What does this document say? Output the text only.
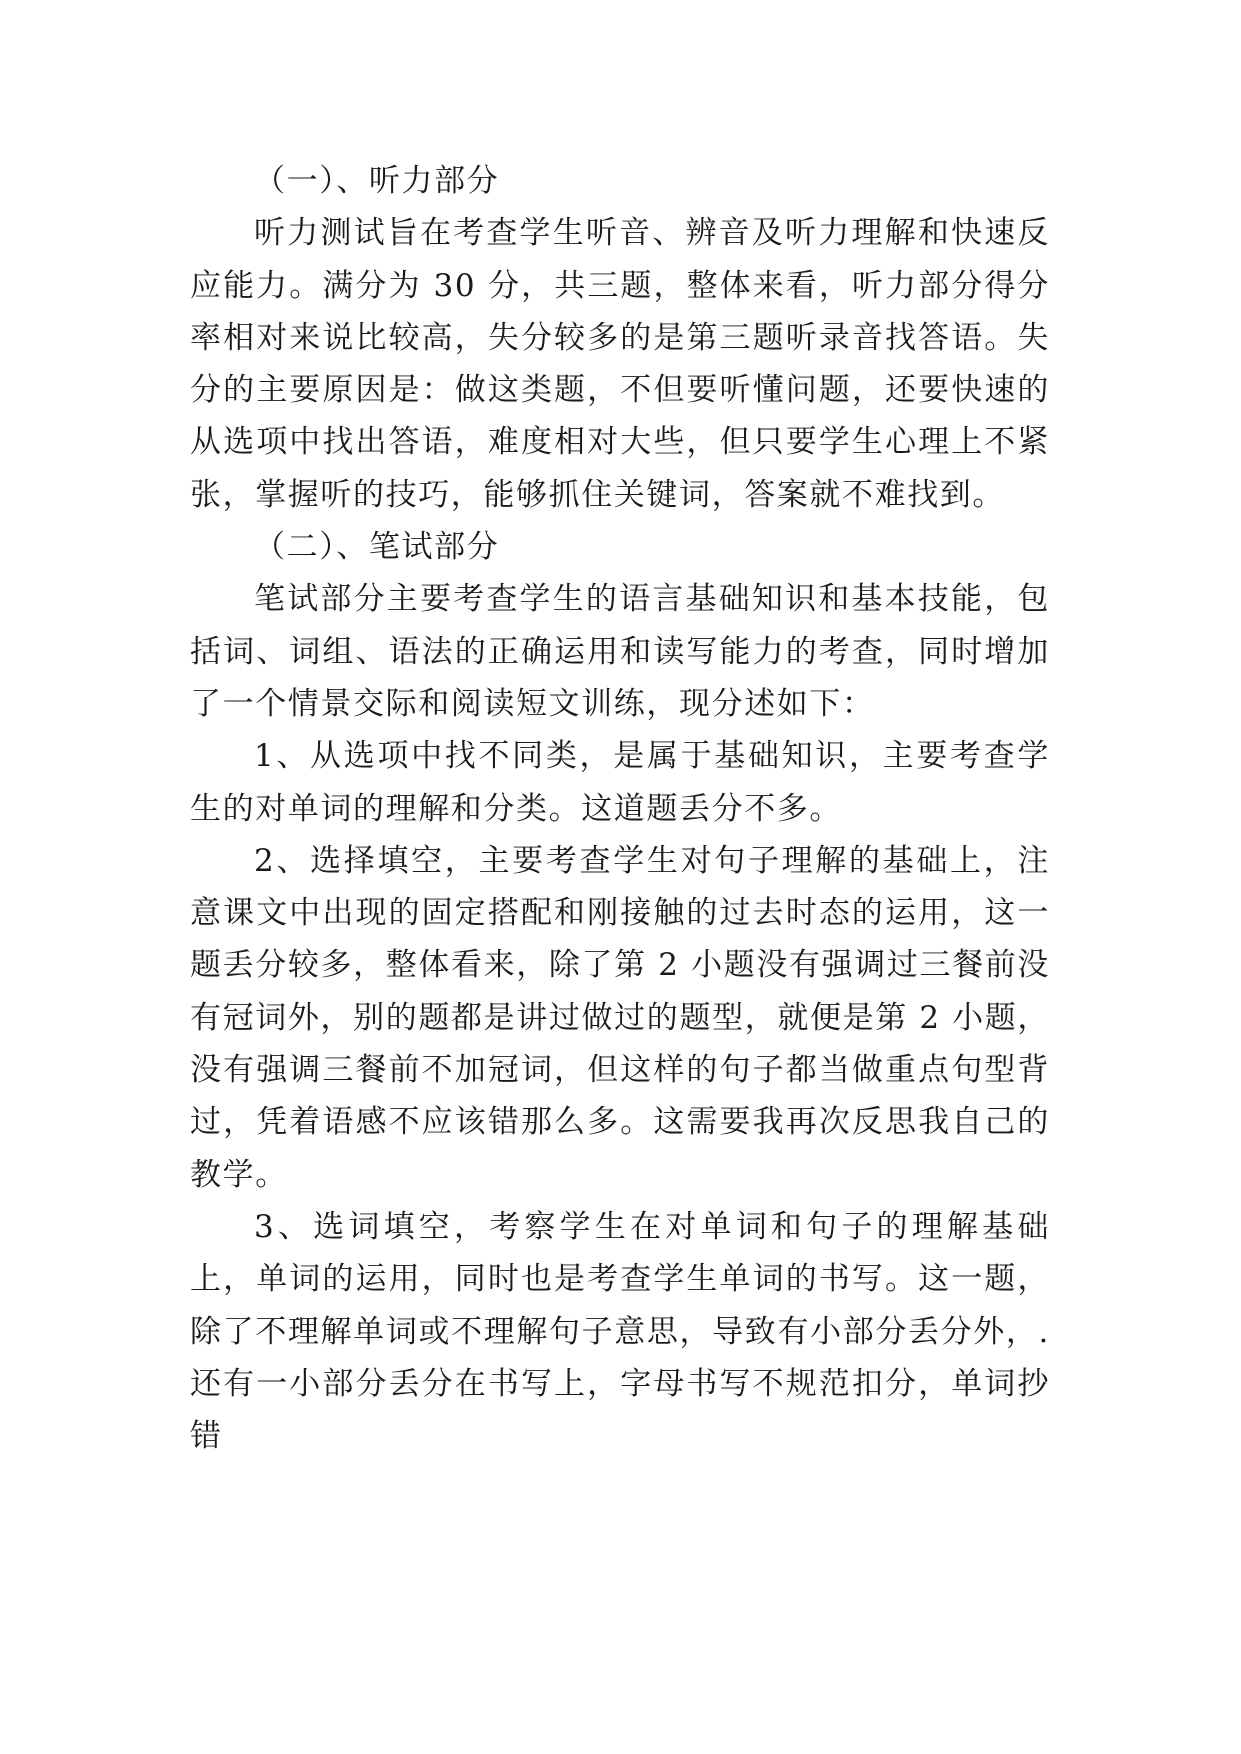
（一）、听力部分

听力测试旨在考查学生听音、辨音及听力理解和快速反应能力。满分为 30 分，共三题，整体来看，听力部分得分率相对来说比较高，失分较多的是第三题听录音找答语。失分的主要原因是：做这类题，不但要听懂问题，还要快速的从选项中找出答语，难度相对大些，但只要学生心理上不紧张，掌握听的技巧，能够抓住关键词，答案就不难找到。

（二）、笔试部分

笔试部分主要考查学生的语言基础知识和基本技能，包括词、词组、语法的正确运用和读写能力的考查，同时增加了一个情景交际和阅读短文训练，现分述如下：

1、从选项中找不同类，是属于基础知识，主要考查学生的对单词的理解和分类。这道题丢分不多。

2、选择填空，主要考查学生对句子理解的基础上，注意课文中出现的固定搭配和刚接触的过去时态的运用，这一题丢分较多，整体看来，除了第 2 小题没有强调过三餐前没有冠词外，别的题都是讲过做过的题型，就便是第 2 小题，没有强调三餐前不加冠词，但这样的句子都当做重点句型背过，凭着语感不应该错那么多。这需要我再次反思我自己的教学。

3、选词填空，考察学生在对单词和句子的理解基础上，单词的运用，同时也是考查学生单词的书写。这一题，除了不理解单词或不理解句子意思，导致有小部分丢分外，.还有一小部分丢分在书写上，字母书写不规范扣分，单词抄错
